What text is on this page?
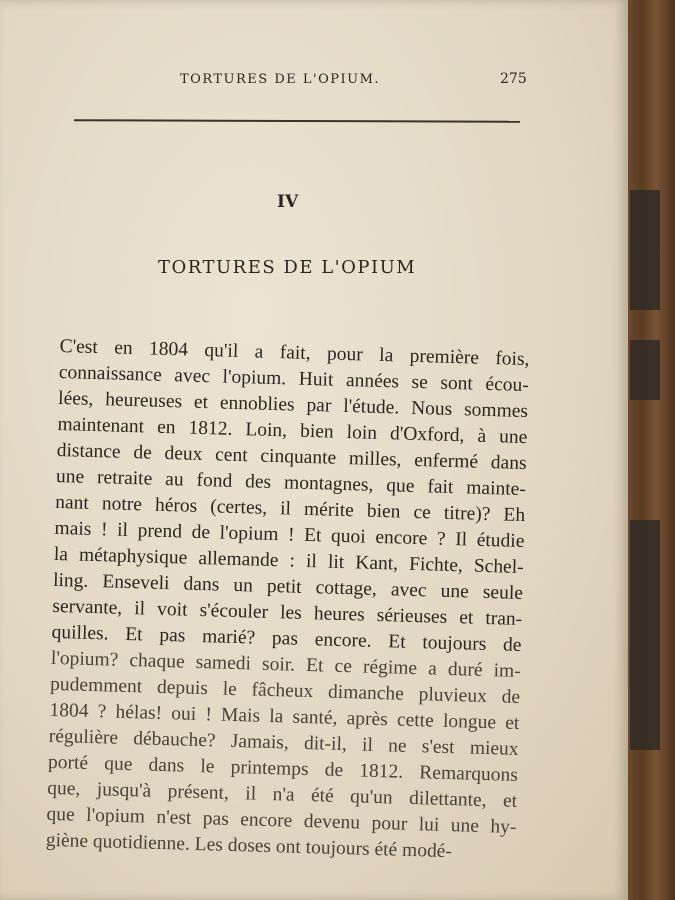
TORTURES DE L'OPIUM.	275
IV
TORTURES DE L'OPIUM
C'est en 1804 qu'il a fait, pour la première fois,
connaissance avec l'opium. Huit années se sont écou-
lées, heureuses et ennoblies par l'étude. Nous sommes
maintenant en 1812. Loin, bien loin d'Oxford, à une
distance de deux cent cinquante milles, enfermé dans
une retraite au fond des montagnes, que fait mainte-
nant notre héros (certes, il mérite bien ce titre)? Eh
mais ! il prend de l'opium ! Et quoi encore ? Il étudie
la métaphysique allemande : il lit Kant, Fichte, Schel-
ling. Enseveli dans un petit cottage, avec une seule
servante, il voit s'écouler les heures sérieuses et tran-
quilles. Et pas marié? pas encore. Et toujours de
l'opium? chaque samedi soir. Et ce régime a duré im-
pudemment depuis le fâcheux dimanche pluvieux de
1804 ? hélas! oui ! Mais la santé, après cette longue et
régulière débauche? Jamais, dit-il, il ne s'est mieux
porté que dans le printemps de 1812. Remarquons
que, jusqu'à présent, il n'a été qu'un dilettante, et
que l'opium n'est pas encore devenu pour lui une hy-
giène quotidienne. Les doses ont toujours été modé-
